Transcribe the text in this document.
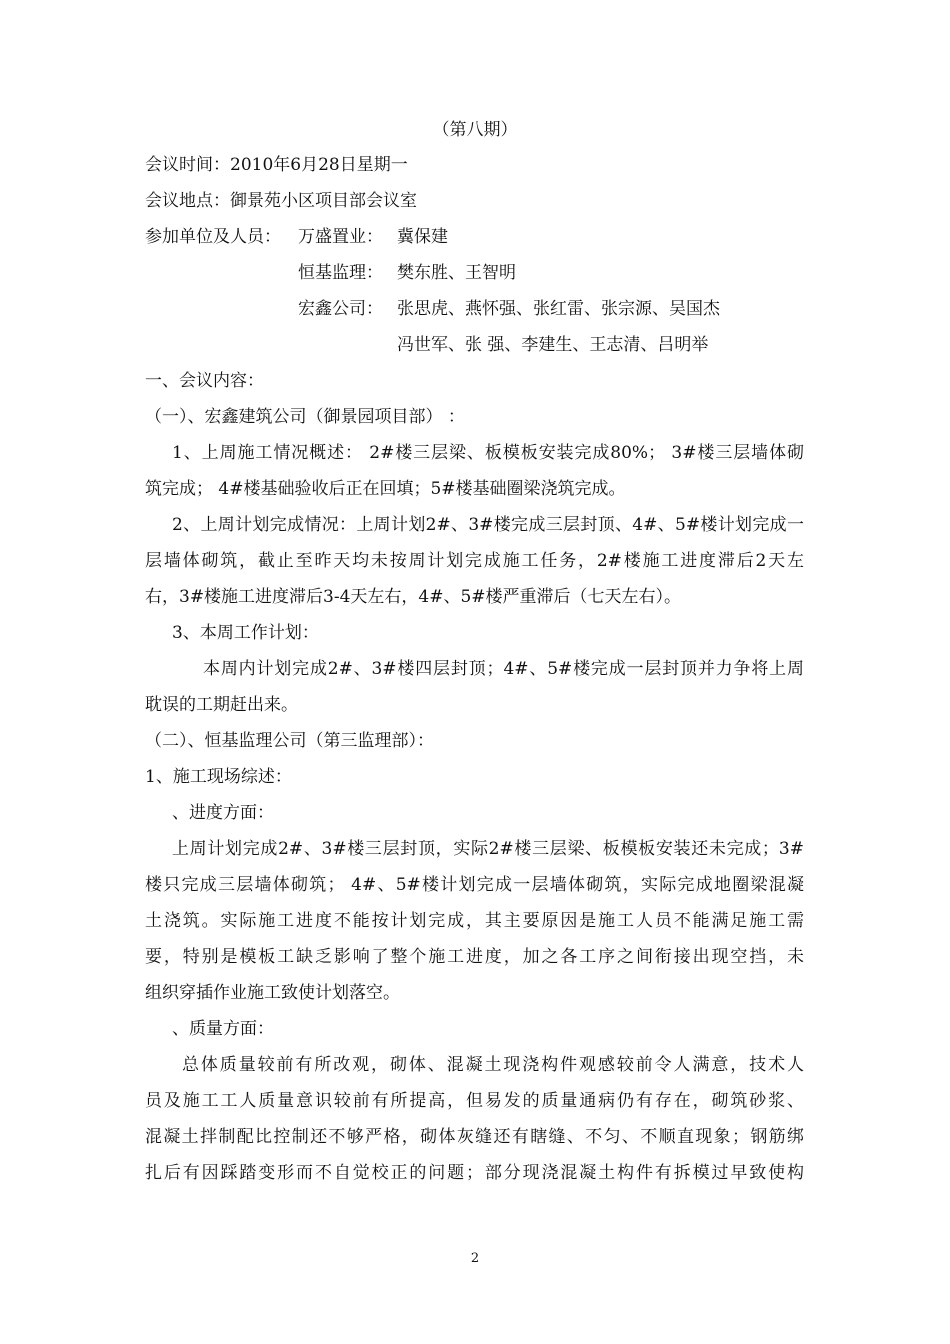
（第八期）
会议时间：2010年6月28日星期一
会议地点：御景苑小区项目部会议室
参加单位及人员： 万盛置业： 冀保建
恒基监理： 樊东胜、王智明
宏鑫公司： 张思虎、燕怀强、张红雷、张宗源、吴国杰
冯世军、张 强、李建生、王志清、吕明举
一、会议内容：
（一）、宏鑫建筑公司（御景园项目部） ：
1、上周施工情况概述： 2#楼三层梁、板模板安装完成80%； 3#楼三层墙体砌
筑完成； 4#楼基础验收后正在回填；5#楼基础圈梁浇筑完成。
2、上周计划完成情况：上周计划2#、3#楼完成三层封顶、4#、5#楼计划完成一
层墙体砌筑，截止至昨天均未按周计划完成施工任务，2#楼施工进度滞后2天左
右，3#楼施工进度滞后3-4天左右，4#、5#楼严重滞后（七天左右）。
3、本周工作计划：
本周内计划完成2#、3#楼四层封顶；4#、5#楼完成一层封顶并力争将上周
耽误的工期赶出来。
（二）、恒基监理公司（第三监理部）：
1、施工现场综述：
、进度方面：
上周计划完成2#、3#楼三层封顶，实际2#楼三层梁、板模板安装还未完成；3#
楼只完成三层墙体砌筑； 4#、5#楼计划完成一层墙体砌筑，实际完成地圈梁混凝
土浇筑。实际施工进度不能按计划完成，其主要原因是施工人员不能满足施工需
要，特别是模板工缺乏影响了整个施工进度，加之各工序之间衔接出现空挡，未
组织穿插作业施工致使计划落空。
、质量方面：
总体质量较前有所改观，砌体、混凝土现浇构件观感较前令人满意，技术人
员及施工工人质量意识较前有所提高，但易发的质量通病仍有存在，砌筑砂浆、
混凝土拌制配比控制还不够严格，砌体灰缝还有瞎缝、不匀、不顺直现象；钢筋绑
扎后有因踩踏变形而不自觉校正的问题；部分现浇混凝土构件有拆模过早致使构
2
